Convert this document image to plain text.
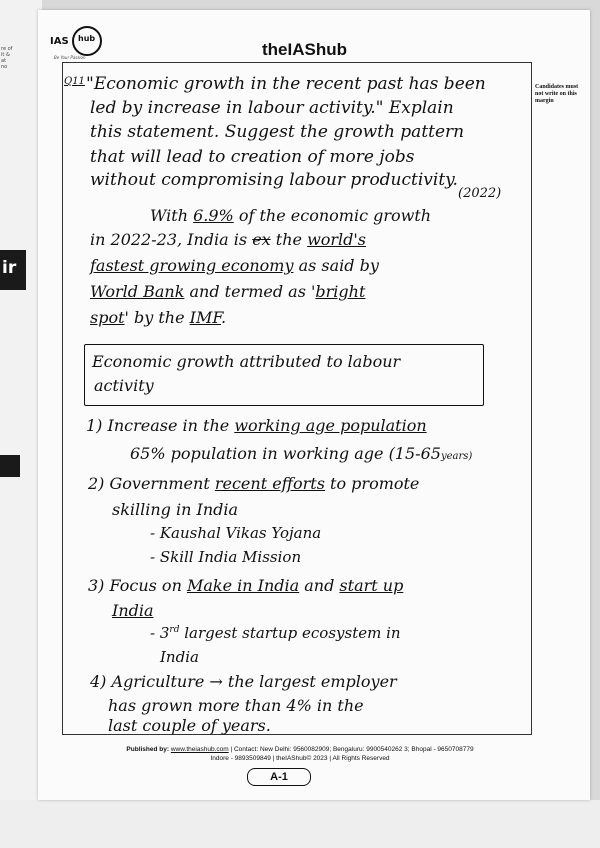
re of
it &
at
no
ir
IAS hub
Be Your Passion	theIAShub
Candidates must not write on this margin
Q11 "Economic growth in the recent past has been
led by increase in labour activity." Explain
this statement. Suggest the growth pattern
that will lead to creation of more jobs
without compromising labour productivity.
(2022)
With 6.9% of the economic growth
in 2022-23, India is ex the world's
fastest growing economy as said by
World Bank and termed as 'bright
spot' by the IMF.
Economic growth attributed to labour
activity
1) Increase in the working age population
65% population in working age (15-65years)
2) Government recent efforts to promote
skilling in India
- Kaushal Vikas Yojana
- Skill India Mission
3) Focus on Make in India and start up
India
- 3rd largest startup ecosystem in
India
4) Agriculture → the largest employer
has grown more than 4% in the
last couple of years.
Published by: www.theiashub.com | Contact: New Delhi: 9560082909; Bengaluru: 9900540262 3; Bhopal - 9650708779
Indore - 9893509849 | theIAShub© 2023 | All Rights Reserved
A-1
